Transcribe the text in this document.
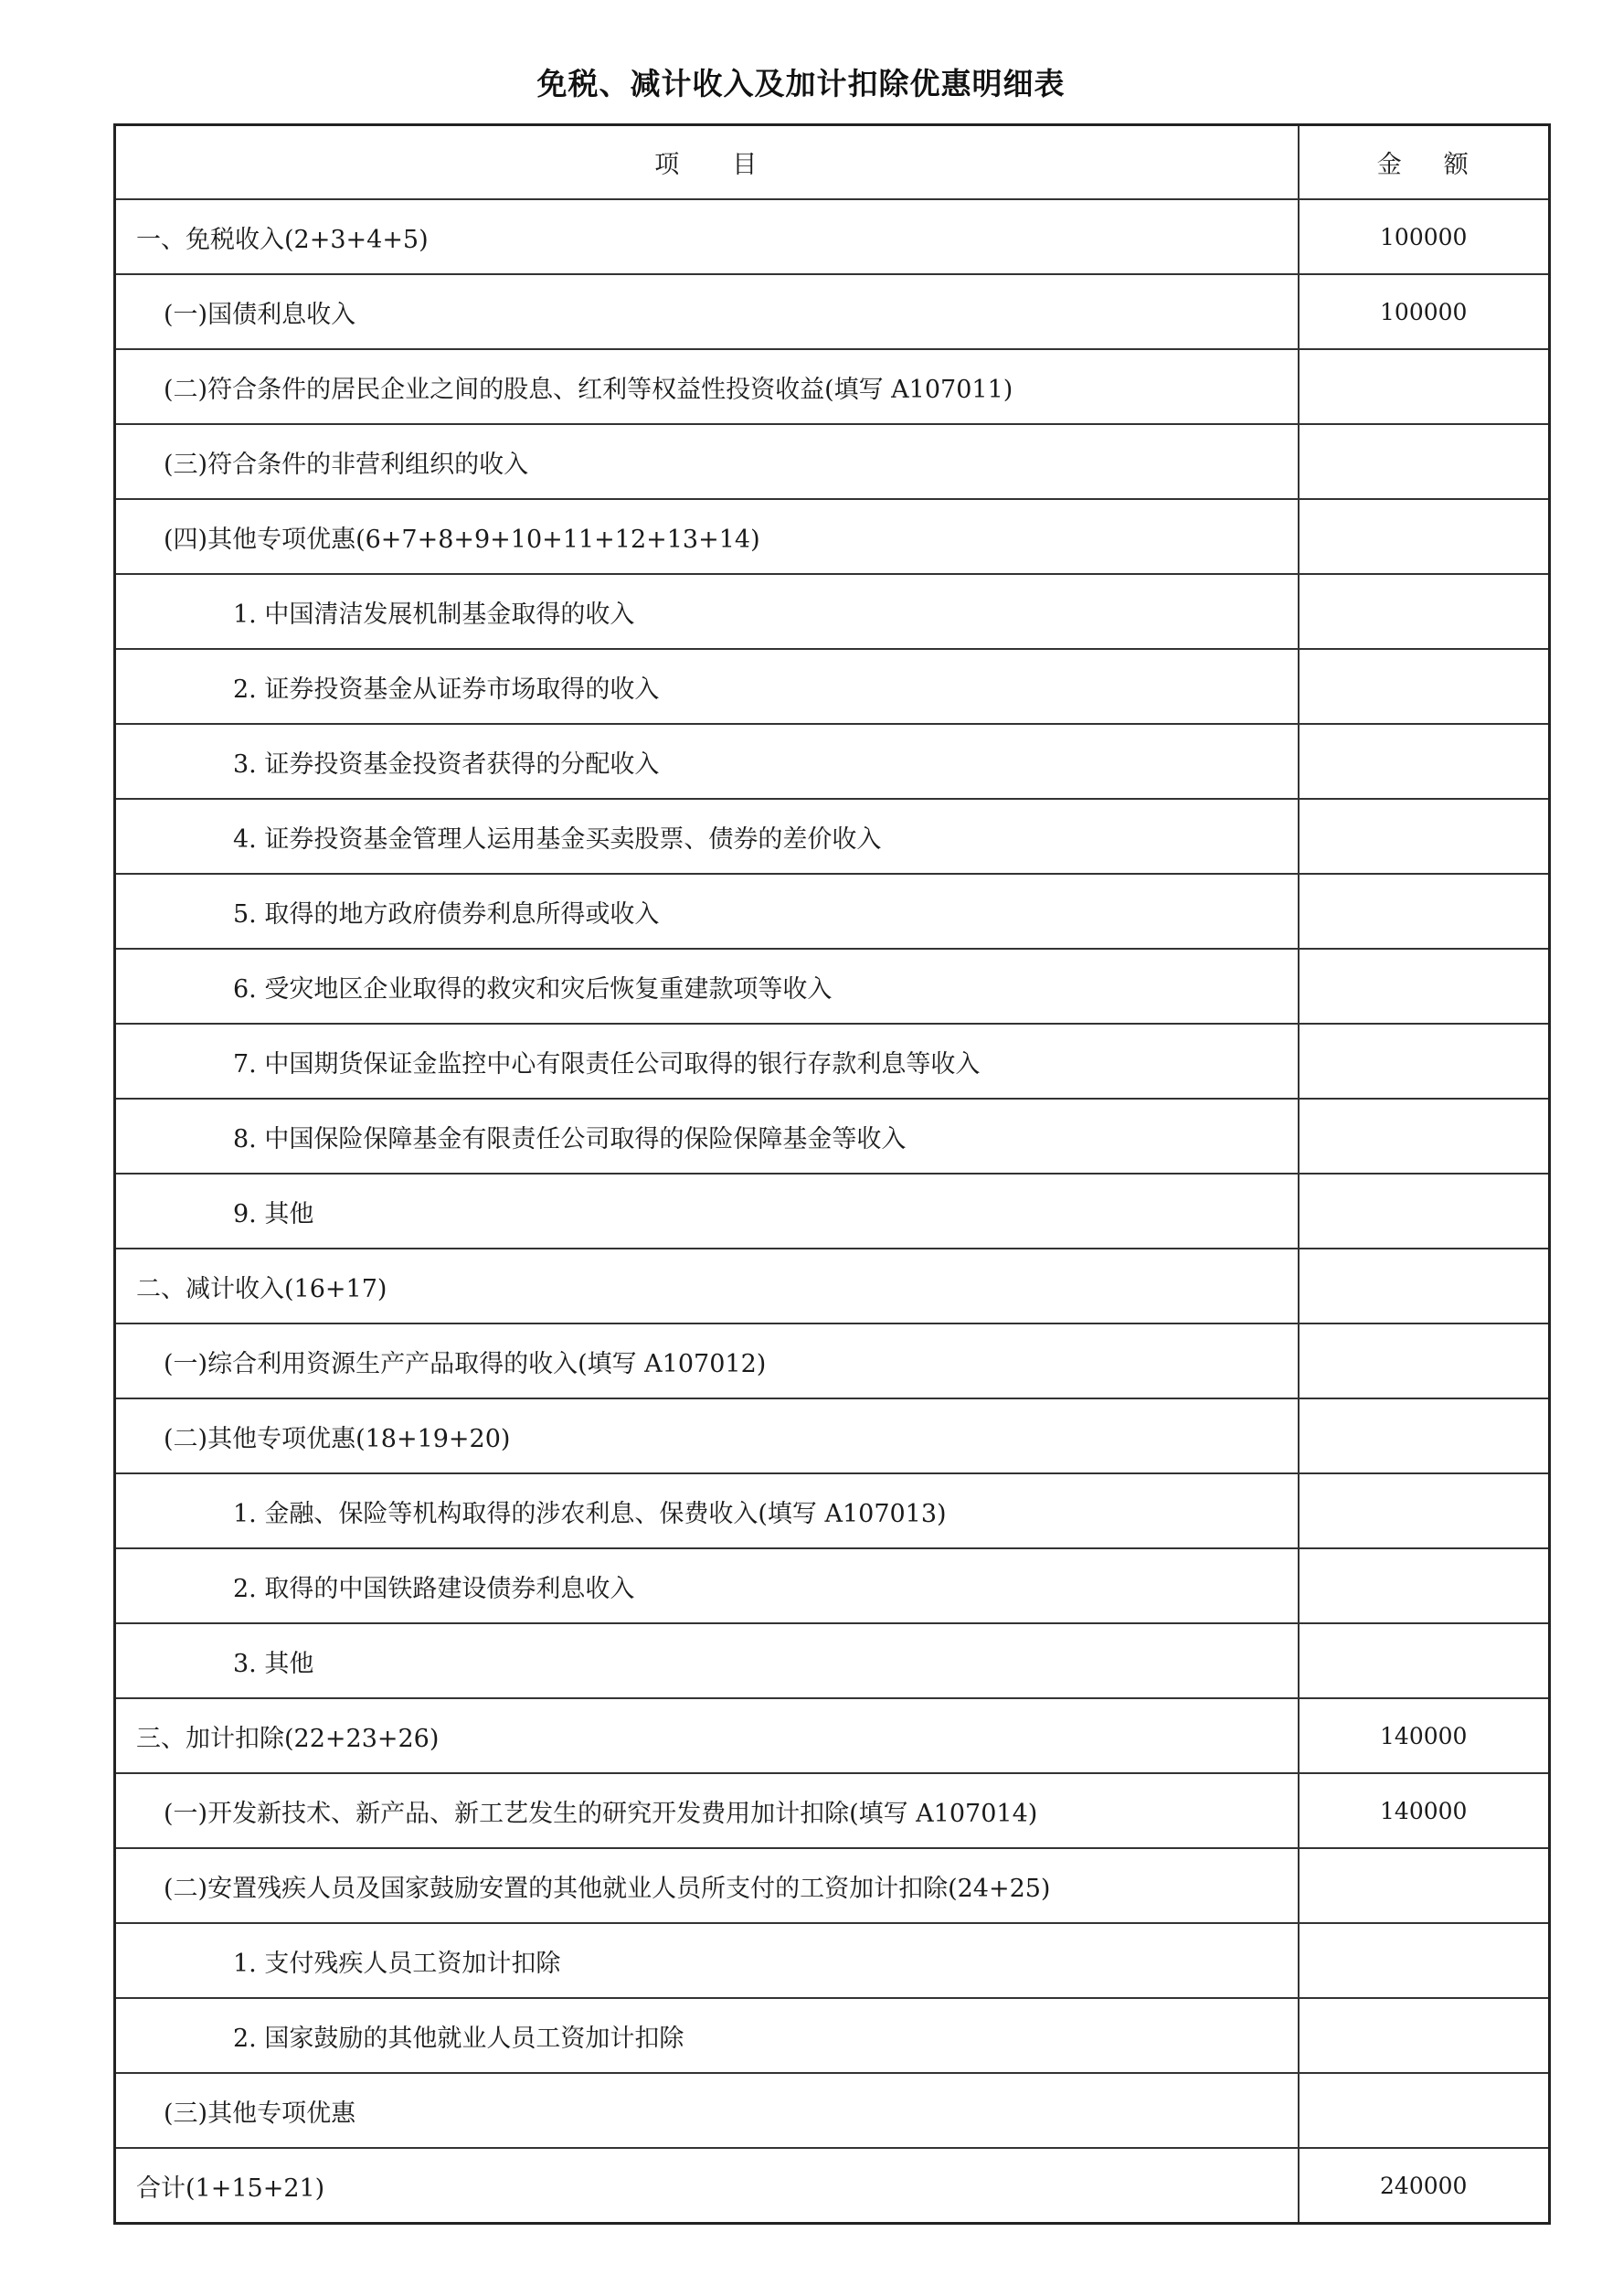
免税、减计收入及加计扣除优惠明细表
项 目	金 额
一、免税收入(2+3+4+5)	100000
(一)国债利息收入	100000
(二)符合条件的居民企业之间的股息、红利等权益性投资收益(填写 A107011)	
(三)符合条件的非营利组织的收入	
(四)其他专项优惠(6+7+8+9+10+11+12+13+14)	
1. 中国清洁发展机制基金取得的收入	
2. 证券投资基金从证券市场取得的收入	
3. 证券投资基金投资者获得的分配收入	
4. 证券投资基金管理人运用基金买卖股票、债券的差价收入	
5. 取得的地方政府债券利息所得或收入	
6. 受灾地区企业取得的救灾和灾后恢复重建款项等收入	
7. 中国期货保证金监控中心有限责任公司取得的银行存款利息等收入	
8. 中国保险保障基金有限责任公司取得的保险保障基金等收入	
9. 其他	
二、减计收入(16+17)	
(一)综合利用资源生产产品取得的收入(填写 A107012)	
(二)其他专项优惠(18+19+20)	
1. 金融、保险等机构取得的涉农利息、保费收入(填写 A107013)	
2. 取得的中国铁路建设债券利息收入	
3. 其他	
三、加计扣除(22+23+26)	140000
(一)开发新技术、新产品、新工艺发生的研究开发费用加计扣除(填写 A107014)	140000
(二)安置残疾人员及国家鼓励安置的其他就业人员所支付的工资加计扣除(24+25)	
1. 支付残疾人员工资加计扣除	
2. 国家鼓励的其他就业人员工资加计扣除	
(三)其他专项优惠	
合计(1+15+21)	240000
